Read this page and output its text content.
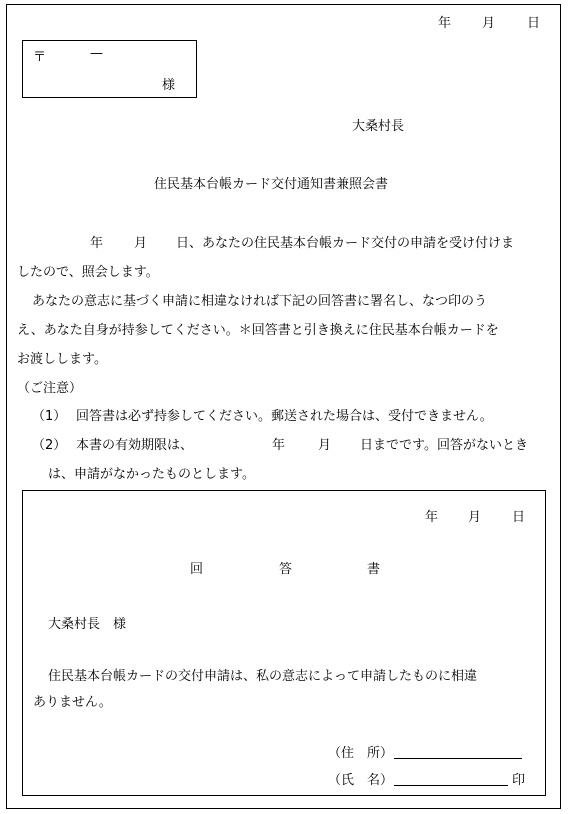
年 月 日
〒	—
様
大桑村長
住民基本台帳カード交付通知書兼照会書
年 月 日、あなたの住民基本台帳カード交付の申請を受け付けま
したので、照会します。
あなたの意志に基づく申請に相違なければ下記の回答書に署名し、なつ印のう
え、あなた自身が持参してください。＊回答書と引き換えに住民基本台帳カードを
お渡しします。
（ご注意）
（1） 回答書は必ず持参してください。郵送された場合は、受付できません。
（2） 本書の有効期限は、	年	月 日までです。回答がないとき
は、申請がなかったものとします。
年 月 日
回	答	書
大桑村長　様
住民基本台帳カードの交付申請は、私の意志によって申請したものに相違
ありません。
（住　所）
（氏　名）	印
